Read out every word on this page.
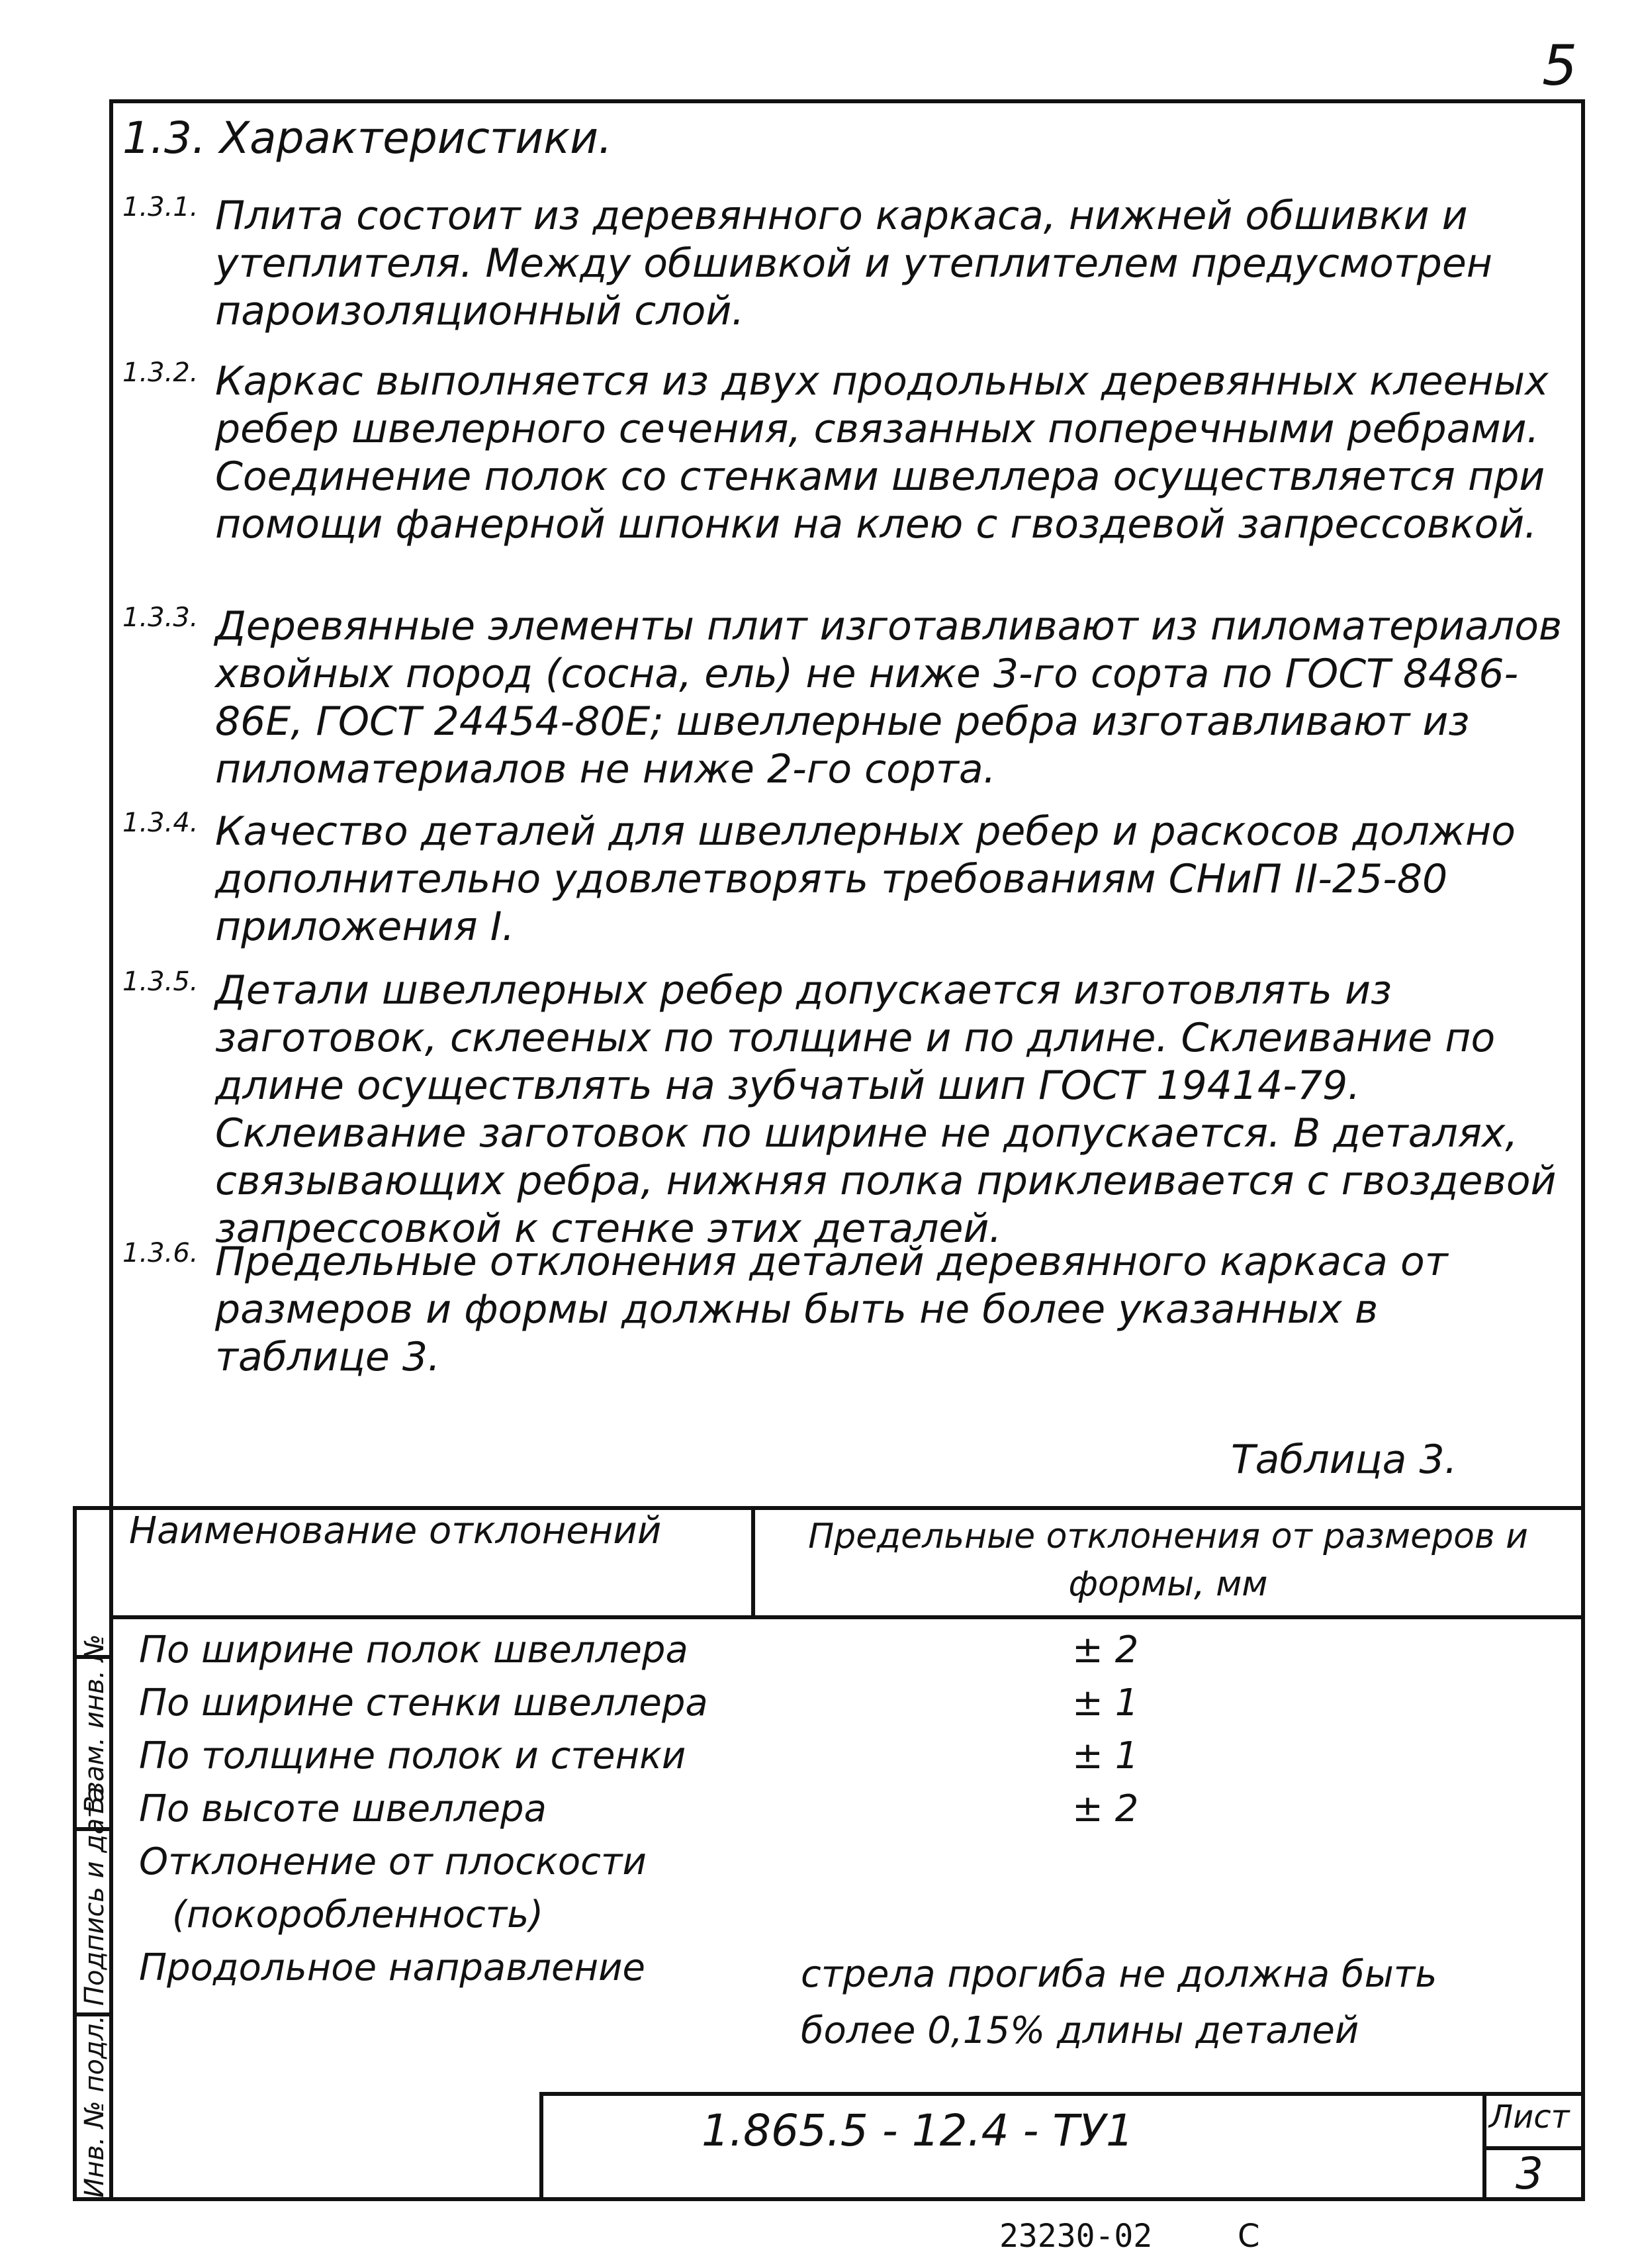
5
1.3. Характеристики.
1.3.1. Плита состоит из деревянного каркаса, нижней обшивки и утеплителя. Между обшивкой и утеплителем предусмотрен пароизоляционный слой.
1.3.2. Каркас выполняется из двух продольных деревянных клееных ребер швелерного сечения, связанных поперечными ребрами. Соединение полок со стенками швеллера осуществляется при помощи фанерной шпонки на клею с гвоздевой запрессовкой.
1.3.3. Деревянные элементы плит изготавливают из пиломатериалов хвойных пород (сосна, ель) не ниже 3-го сорта по ГОСТ 8486-86Е, ГОСТ 24454-80Е; швеллерные ребра изготавливают из пиломатериалов не ниже 2-го сорта.
1.3.4. Качество деталей для швеллерных ребер и раскосов должно дополнительно удовлетворять требованиям СНиП II-25-80 приложения I.
1.3.5. Детали швеллерных ребер допускается изготовлять из заготовок, склееных по толщине и по длине. Склеивание по длине осуществлять на зубчатый шип ГОСТ 19414-79. Склеивание заготовок по ширине не допускается. В деталях, связывающих ребра, нижняя полка приклеивается с гвоздевой запрессовкой к стенке этих деталей.
1.3.6. Предельные отклонения деталей деревянного каркаса от размеров и формы должны быть не более указанных в таблице 3.
Таблица 3.
Наименование отклонений	Предельные отклонения от размеров и формы, мм
По ширине полок швеллера	± 2
По ширине стенки швеллера	± 1
По толщине полок и стенки	± 1
По высоте швеллера	± 2
Отклонение от плоскости
(покоробленность)
Продольное направление	стрела прогиба не должна быть
более 0,15% длины деталей
Инв. № подл.
Подпись и дата
Взам. инв. №
1.865.5 - 12.4 - ТУ1	Лист
3
23230-02	С
